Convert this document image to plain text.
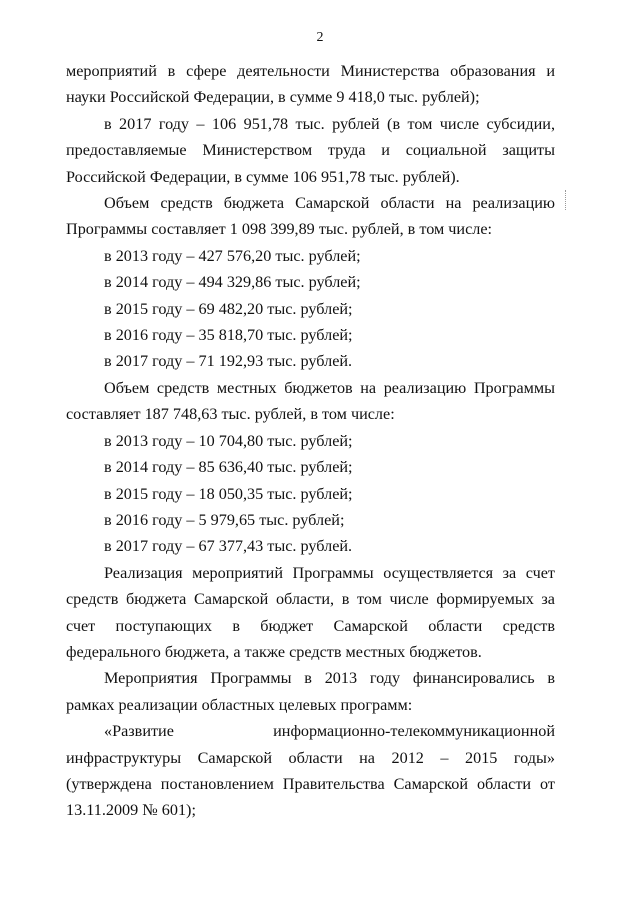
2

мероприятий в сфере деятельности Министерства образования и науки Российской Федерации, в сумме 9 418,0 тыс. рублей);

в 2017 году – 106 951,78 тыс. рублей (в том числе субсидии, предоставляемые Министерством труда и социальной защиты Российской Федерации, в сумме 106 951,78 тыс. рублей).

Объем средств бюджета Самарской области на реализацию Программы составляет 1 098 399,89 тыс. рублей, в том числе:

в 2013 году – 427 576,20 тыс. рублей;

в 2014 году – 494 329,86 тыс. рублей;

в 2015 году – 69 482,20 тыс. рублей;

в 2016 году – 35 818,70 тыс. рублей;

в 2017 году – 71 192,93 тыс. рублей.

Объем средств местных бюджетов на реализацию Программы составляет 187 748,63 тыс. рублей, в том числе:

в 2013 году – 10 704,80 тыс. рублей;

в 2014 году – 85 636,40 тыс. рублей;

в 2015 году – 18 050,35 тыс. рублей;

в 2016 году – 5 979,65 тыс. рублей;

в 2017 году – 67 377,43 тыс. рублей.

Реализация мероприятий Программы осуществляется за счет средств бюджета Самарской области, в том числе формируемых за счет поступающих в бюджет Самарской области средств федерального бюджета, а также средств местных бюджетов.

Мероприятия Программы в 2013 году финансировались в рамках реализации областных целевых программ:

«Развитие информационно-телекоммуникационной инфраструктуры Самарской области на 2012 – 2015 годы» (утверждена постановлением Правительства Самарской области от 13.11.2009 № 601);
